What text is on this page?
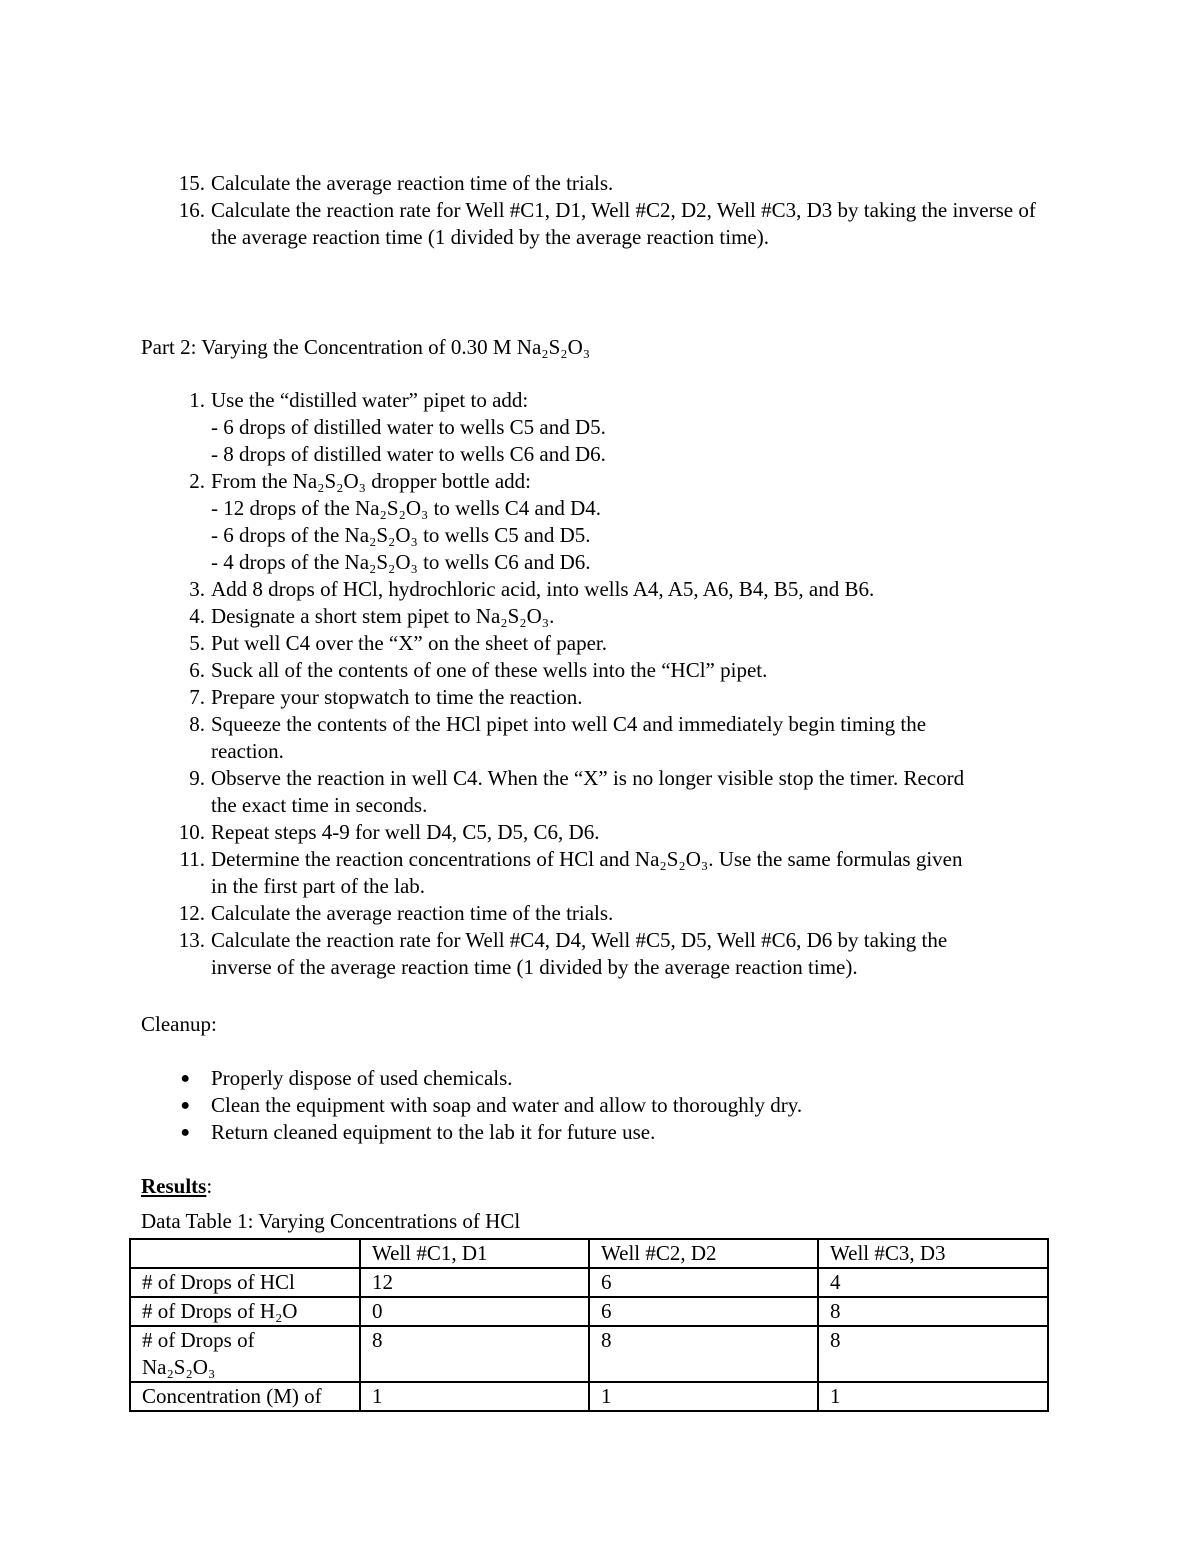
15. Calculate the average reaction time of the trials.
16. Calculate the reaction rate for Well #C1, D1, Well #C2, D2, Well #C3, D3 by taking the inverse of the average reaction time (1 divided by the average reaction time).
Part 2: Varying the Concentration of 0.30 M Na₂S₂O₃
1. Use the “distilled water” pipet to add:
- 6 drops of distilled water to wells C5 and D5.
- 8 drops of distilled water to wells C6 and D6.
2. From the Na₂S₂O₃ dropper bottle add:
- 12 drops of the Na₂S₂O₃ to wells C4 and D4.
- 6 drops of the Na₂S₂O₃ to wells C5 and D5.
- 4 drops of the Na₂S₂O₃ to wells C6 and D6.
3. Add 8 drops of HCl, hydrochloric acid, into wells A4, A5, A6, B4, B5, and B6.
4. Designate a short stem pipet to Na₂S₂O₃.
5. Put well C4 over the “X” on the sheet of paper.
6. Suck all of the contents of one of these wells into the “HCl” pipet.
7. Prepare your stopwatch to time the reaction.
8. Squeeze the contents of the HCl pipet into well C4 and immediately begin timing the
reaction.
9. Observe the reaction in well C4. When the “X” is no longer visible stop the timer. Record
the exact time in seconds.
10. Repeat steps 4-9 for well D4, C5, D5, C6, D6.
11. Determine the reaction concentrations of HCl and Na₂S₂O₃. Use the same formulas given
in the first part of the lab.
12. Calculate the average reaction time of the trials.
13. Calculate the reaction rate for Well #C4, D4, Well #C5, D5, Well #C6, D6 by taking the
inverse of the average reaction time (1 divided by the average reaction time).
Cleanup:
● Properly dispose of used chemicals.
● Clean the equipment with soap and water and allow to thoroughly dry.
● Return cleaned equipment to the lab it for future use.
Results:
Data Table 1: Varying Concentrations of HCl
	Well #C1, D1	Well #C2, D2	Well #C3, D3
# of Drops of HCl	12	6	4
# of Drops of H₂O	0	6	8
# of Drops of Na₂S₂O₃	8	8	8
Concentration (M) of	1	1	1
